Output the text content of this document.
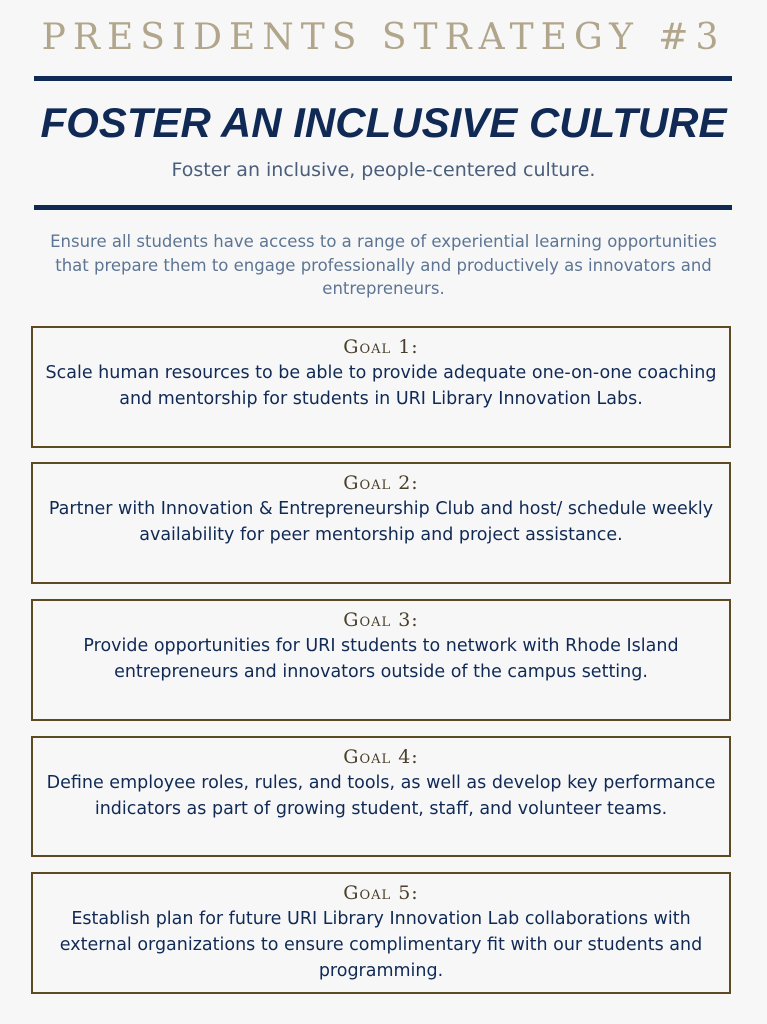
PRESIDENTS STRATEGY #3
FOSTER AN INCLUSIVE CULTURE
Foster an inclusive, people-centered culture.
Ensure all students have access to a range of experiential learning opportunities that prepare them to engage professionally and productively as innovators and entrepreneurs.
Goal 1:
Scale human resources to be able to provide adequate one-on-one coaching and mentorship for students in URI Library Innovation Labs.
Goal 2:
Partner with Innovation & Entrepreneurship Club and host/ schedule weekly availability for peer mentorship and project assistance.
Goal 3:
Provide opportunities for URI students to network with Rhode Island entrepreneurs and innovators outside of the campus setting.
Goal 4:
Define employee roles, rules, and tools, as well as develop key performance indicators as part of growing student, staff, and volunteer teams.
Goal 5:
Establish plan for future URI Library Innovation Lab collaborations with external organizations to ensure complimentary fit with our students and programming.
